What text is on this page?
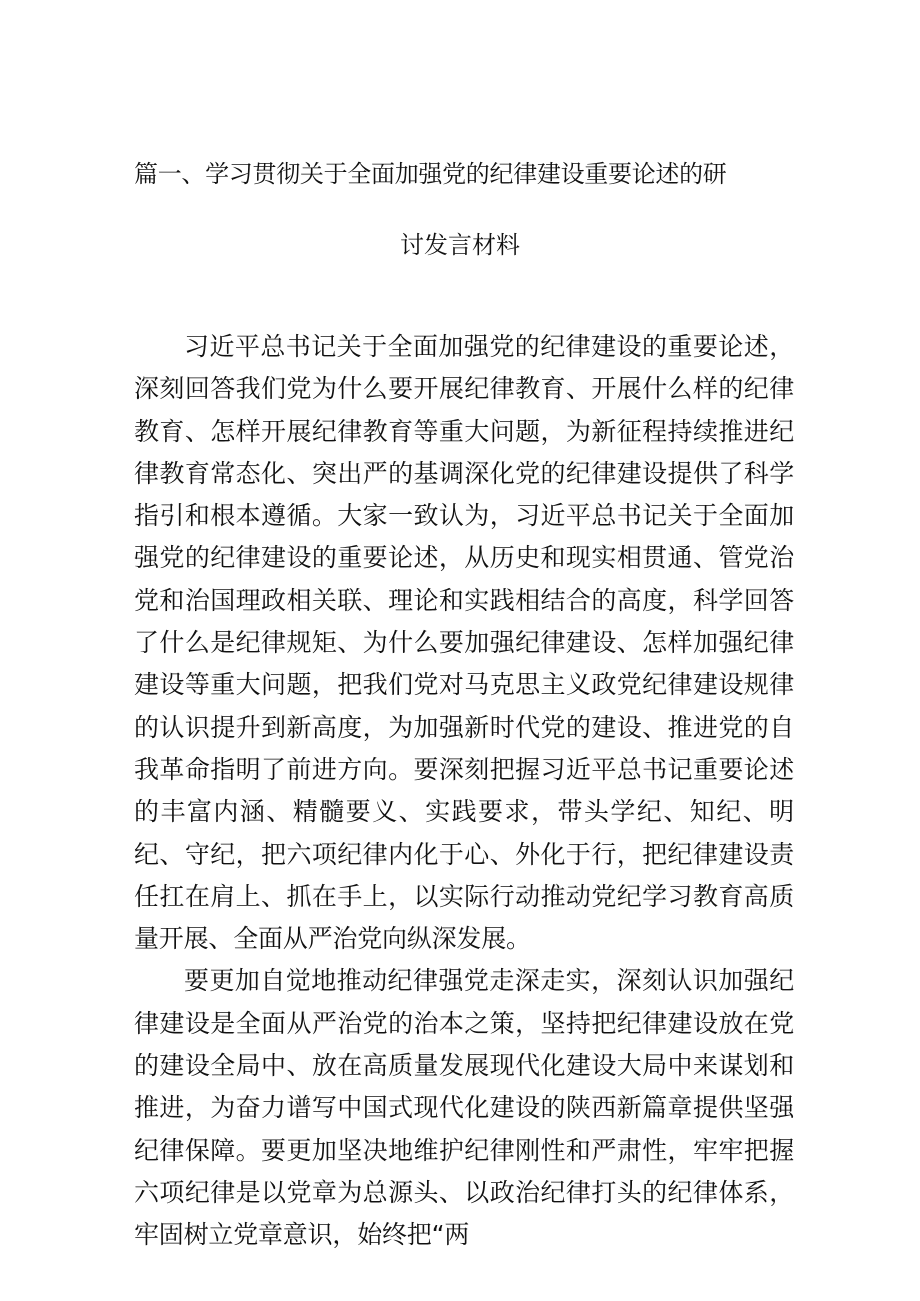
篇一、学习贯彻关于全面加强党的纪律建设重要论述的研
讨发言材料

习近平总书记关于全面加强党的纪律建设的重要论述，深刻回答我们党为什么要开展纪律教育、开展什么样的纪律教育、怎样开展纪律教育等重大问题，为新征程持续推进纪律教育常态化、突出严的基调深化党的纪律建设提供了科学指引和根本遵循。大家一致认为，习近平总书记关于全面加强党的纪律建设的重要论述，从历史和现实相贯通、管党治党和治国理政相关联、理论和实践相结合的高度，科学回答了什么是纪律规矩、为什么要加强纪律建设、怎样加强纪律建设等重大问题，把我们党对马克思主义政党纪律建设规律的认识提升到新高度，为加强新时代党的建设、推进党的自我革命指明了前进方向。要深刻把握习近平总书记重要论述的丰富内涵、精髓要义、实践要求，带头学纪、知纪、明纪、守纪，把六项纪律内化于心、外化于行，把纪律建设责任扛在肩上、抓在手上，以实际行动推动党纪学习教育高质量开展、全面从严治党向纵深发展。

要更加自觉地推动纪律强党走深走实，深刻认识加强纪律建设是全面从严治党的治本之策，坚持把纪律建设放在党的建设全局中、放在高质量发展现代化建设大局中来谋划和推进，为奋力谱写中国式现代化建设的陕西新篇章提供坚强纪律保障。要更加坚决地维护纪律刚性和严肃性，牢牢把握六项纪律是以党章为总源头、以政治纪律打头的纪律体系，牢固树立党章意识，始终把“两
